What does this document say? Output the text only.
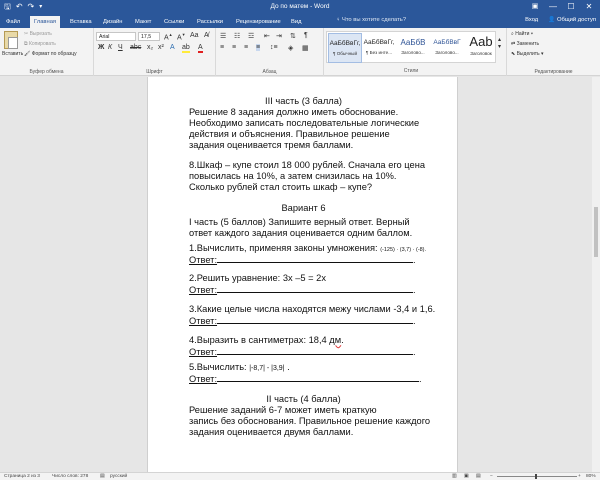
🖫 ↶ ↷ ▾	До по матем - Word	▣	—	☐	✕
Файл	Главная	Вставка	Дизайн	Макет	Ссылки	Рассылки	Рецензирование	Вид	♀ Что вы хотите сделать?	Вход 👤 Общий доступ
Вставить
✂ Вырезать
⧉ Копировать
🖌 Формат по образцу
Буфер обмена
Arial	17,5	A▲ A▼ Aa A̸
Ж К Ч abc x₂ x² A ab A
Шрифт
☰ ☷ ☲ ⇤ ⇥ ⇅ ¶
≡ ≡ ≡ ≡ ↕≡ ◈ ▦
Абзац
АаБбВвГг,
¶ Обычный
АаБбВвГг,
¶ Без инте...
АаБбВ
Заголово...
АаБбВвГ
Заголово...
Ааb
Заголовок
▴
▾
Стили
⌕ Найти ▾
⇄ Заменить
⬉ Выделить ▾
Редактирование
III часть (3 балла)
Решение 8 задания должно иметь обоснование.
Необходимо записать последовательные логические
действия и объяснения. Правильное решение
задания оценивается тремя баллами.
8.Шкаф – купе стоил 18 000 рублей. Сначала его цена
повысилась на 10%, а затем снизилась на 10%.
Сколько рублей стал стоить шкаф – купе?
Вариант 6
I часть (5 баллов) Запишите верный ответ. Верный
ответ каждого задания оценивается одним баллом.
1.Вычислить, применяя законы умножения: (-125) · (3,7) · (-8).
Ответ:	.
2.Решить уравнение: 3х –5 = 2х
Ответ:	.
3.Какие целые числа находятся межу числами -3,4 и 1,6.
Ответ:	.
4.Выразить в сантиметрах: 18,4 дм.
Ответ:	.
5.Вычислить: |-8,7| - |3,9| .
Ответ:	.
II часть (4 балла)
Решение заданий 6-7 может иметь краткую
запись без обоснования. Правильное решение каждого
задания оценивается двумя баллами.
Страница 2 из 3	Число слов: 278 ▤ русский	▥ ▣ ▤ −	+ 80%
